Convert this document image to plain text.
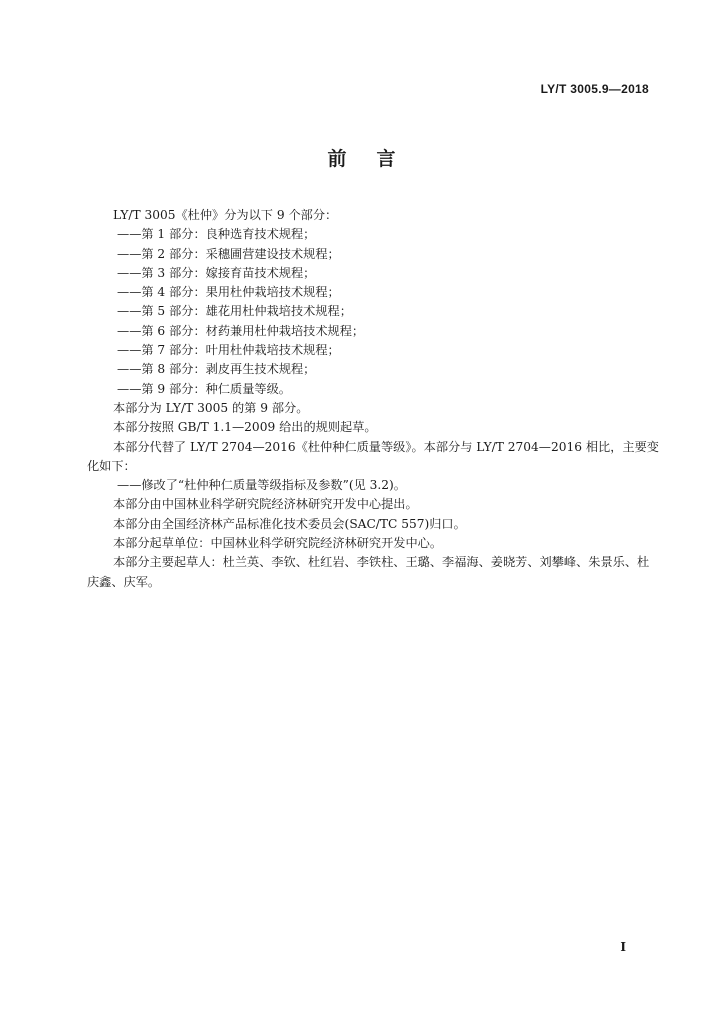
LY/T 3005.9—2018
前言
LY/T 3005《杜仲》分为以下 9 个部分：
——第 1 部分：良种选育技术规程；
——第 2 部分：采穗圃营建设技术规程；
——第 3 部分：嫁接育苗技术规程；
——第 4 部分：果用杜仲栽培技术规程；
——第 5 部分：雄花用杜仲栽培技术规程；
——第 6 部分：材药兼用杜仲栽培技术规程；
——第 7 部分：叶用杜仲栽培技术规程；
——第 8 部分：剥皮再生技术规程；
——第 9 部分：种仁质量等级。
本部分为 LY/T 3005 的第 9 部分。
本部分按照 GB/T 1.1—2009 给出的规则起草。
本部分代替了 LY/T 2704—2016《杜仲种仁质量等级》。本部分与 LY/T 2704—2016 相比，主要变化如下：
——修改了“杜仲种仁质量等级指标及参数”(见 3.2)。
本部分由中国林业科学研究院经济林研究开发中心提出。
本部分由全国经济林产品标准化技术委员会(SAC/TC 557)归口。
本部分起草单位：中国林业科学研究院经济林研究开发中心。
本部分主要起草人：杜兰英、李钦、杜红岩、李铁柱、王璐、李福海、姜晓芳、刘攀峰、朱景乐、杜庆鑫、庆军。
I
